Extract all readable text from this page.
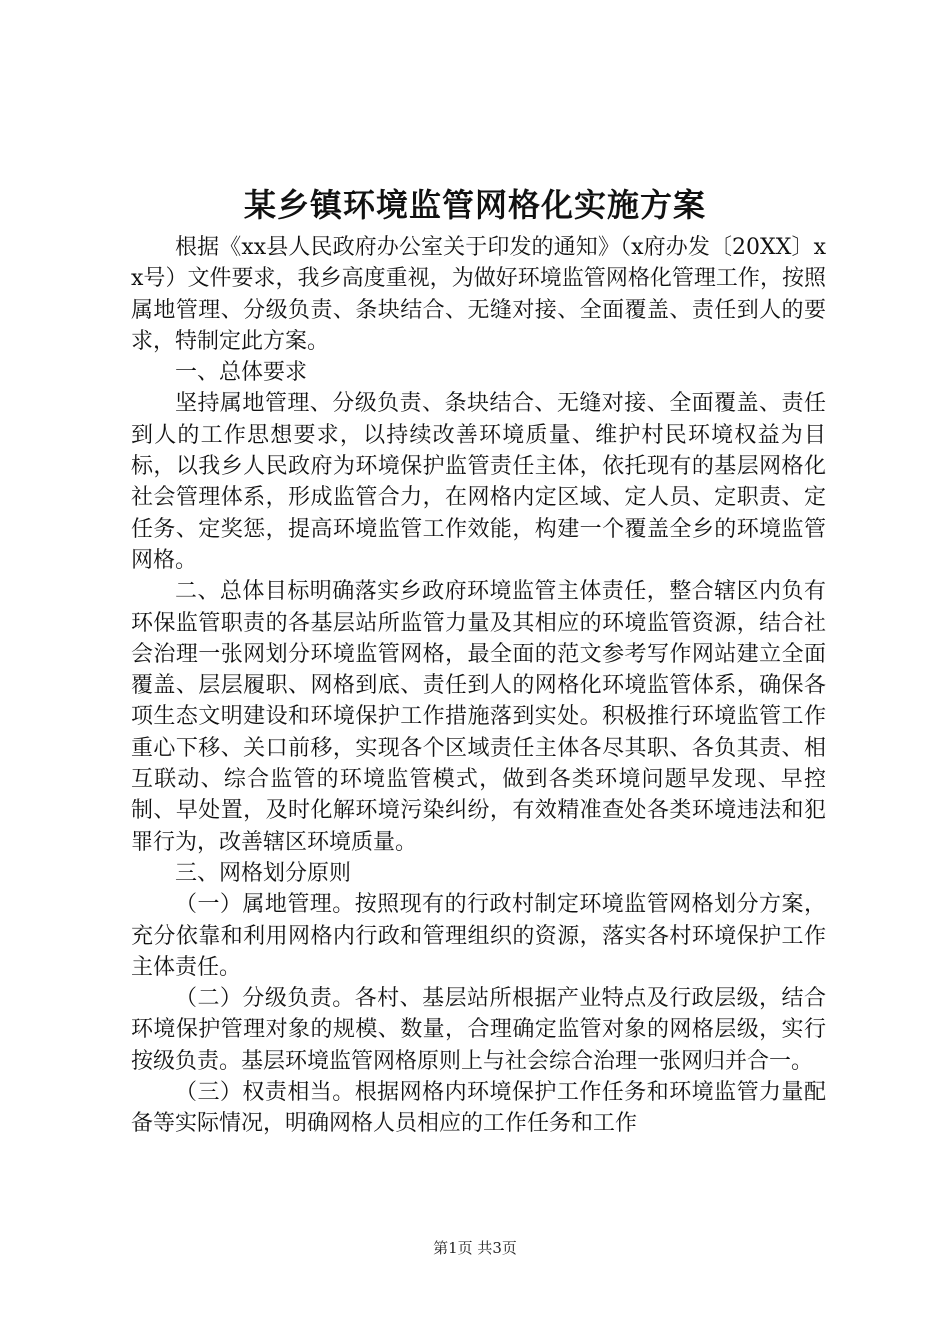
某乡镇环境监管网格化实施方案

根据《xx县人民政府办公室关于印发的通知》（x府办发〔20XX〕xx号）文件要求，我乡高度重视，为做好环境监管网格化管理工作，按照属地管理、分级负责、条块结合、无缝对接、全面覆盖、责任到人的要求，特制定此方案。

一、总体要求

坚持属地管理、分级负责、条块结合、无缝对接、全面覆盖、责任到人的工作思想要求，以持续改善环境质量、维护村民环境权益为目标，以我乡人民政府为环境保护监管责任主体，依托现有的基层网格化社会管理体系，形成监管合力，在网格内定区域、定人员、定职责、定任务、定奖惩，提高环境监管工作效能，构建一个覆盖全乡的环境监管网格。

二、总体目标明确落实乡政府环境监管主体责任，整合辖区内负有环保监管职责的各基层站所监管力量及其相应的环境监管资源，结合社会治理一张网划分环境监管网格，最全面的范文参考写作网站建立全面覆盖、层层履职、网格到底、责任到人的网格化环境监管体系，确保各项生态文明建设和环境保护工作措施落到实处。积极推行环境监管工作重心下移、关口前移，实现各个区域责任主体各尽其职、各负其责、相互联动、综合监管的环境监管模式，做到各类环境问题早发现、早控制、早处置，及时化解环境污染纠纷，有效精准查处各类环境违法和犯罪行为，改善辖区环境质量。

三、网格划分原则

（一）属地管理。按照现有的行政村制定环境监管网格划分方案，充分依靠和利用网格内行政和管理组织的资源，落实各村环境保护工作主体责任。

（二）分级负责。各村、基层站所根据产业特点及行政层级，结合环境保护管理对象的规模、数量，合理确定监管对象的网格层级，实行按级负责。基层环境监管网格原则上与社会综合治理一张网归并合一。

（三）权责相当。根据网格内环境保护工作任务和环境监管力量配备等实际情况，明确网格人员相应的工作任务和工作

第1页 共3页
